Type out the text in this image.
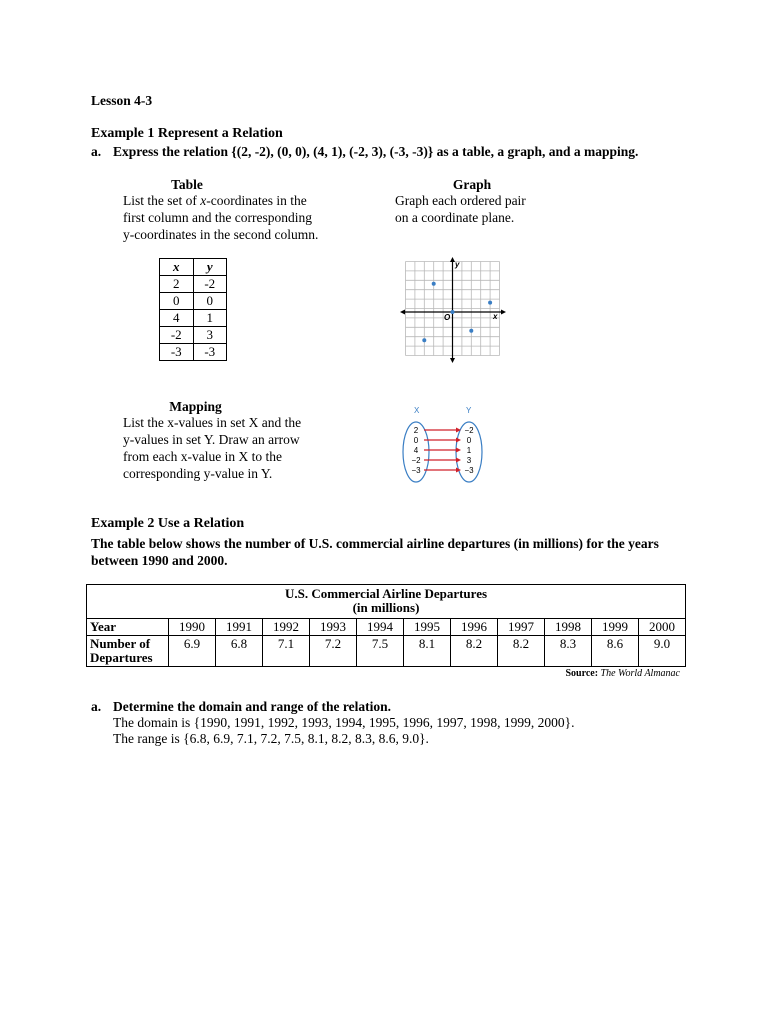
Lesson 4-3
Example 1 Represent a Relation
a. Express the relation {(2, -2), (0, 0), (4, 1), (-2, 3), (-3, -3)} as a table, a graph, and a mapping.
Table
List the set of x-coordinates in the
first column and the corresponding
y-coordinates in the second column.
Graph
Graph each ordered pair
on a coordinate plane.
x	y
2	-2
0	0
4	1
-2	3
-3	-3
O	x
y
Mapping
List the x-values in set X and the
y-values in set Y. Draw an arrow
from each x-value in X to the
corresponding y-value in Y.
X	Y
2
0
4
−2
−3
−2
0
1
3
−3
Example 2 Use a Relation
The table below shows the number of U.S. commercial airline departures (in millions) for the years between 1990 and 2000.
U.S. Commercial Airline Departures
(in millions)											

Year	1990	1991	1992	1993	1994	1995	1996	1997	1998	1999	2000

Number of
Departures	6.9	6.8	7.1	7.2	7.5	8.1	8.2	8.2	8.3	8.6	9.0
Source: The World Almanac
a. Determine the domain and range of the relation.
The domain is {1990, 1991, 1992, 1993, 1994, 1995, 1996, 1997, 1998, 1999, 2000}.
The range is {6.8, 6.9, 7.1, 7.2, 7.5, 8.1, 8.2, 8.3, 8.6, 9.0}.
